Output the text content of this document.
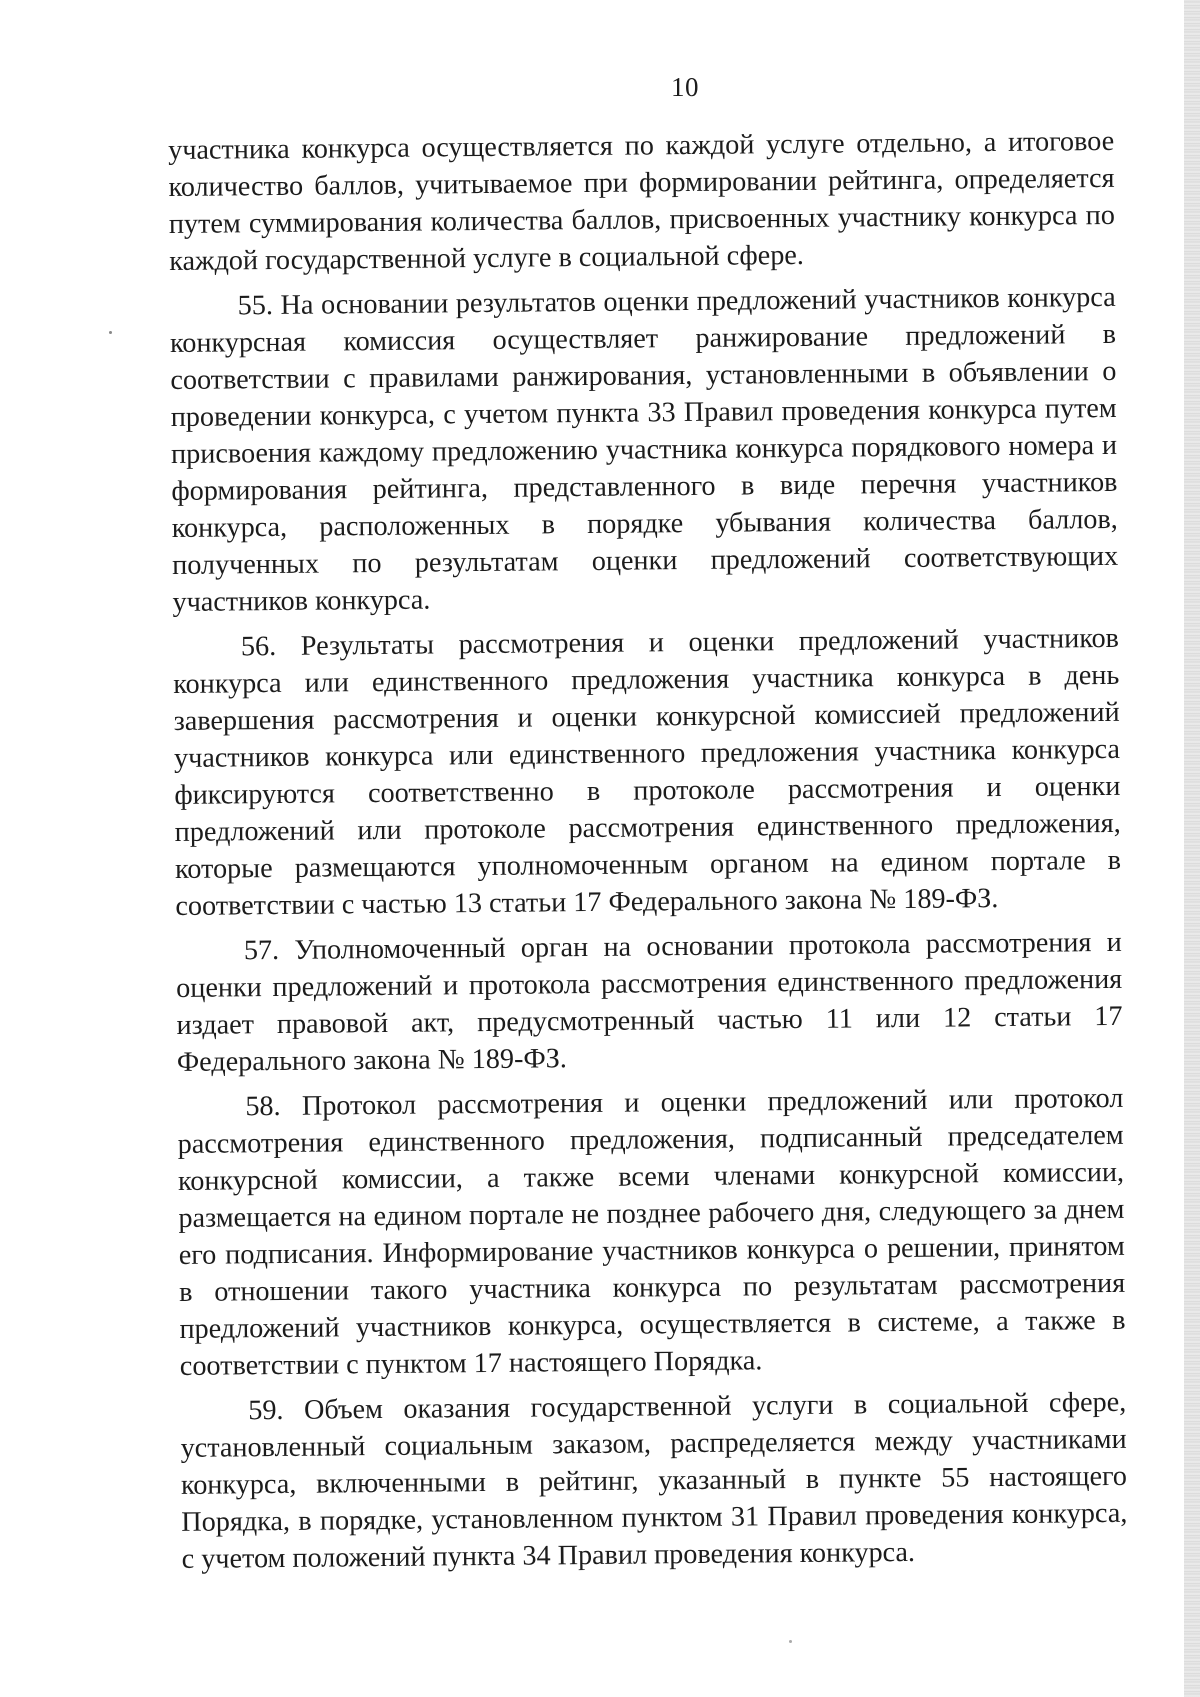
10

участника конкурса осуществляется по каждой услуге отдельно, а итоговое количество баллов, учитываемое при формировании рейтинга, определяется путем суммирования количества баллов, присвоенных участнику конкурса по каждой государственной услуге в социальной сфере.

55. На основании результатов оценки предложений участников конкурса конкурсная комиссия осуществляет ранжирование предложений в соответствии с правилами ранжирования, установленными в объявлении о проведении конкурса, с учетом пункта 33 Правил проведения конкурса путем присвоения каждому предложению участника конкурса порядкового номера и формирования рейтинга, представленного в виде перечня участников конкурса, расположенных в порядке убывания количества баллов, полученных по результатам оценки предложений соответствующих участников конкурса.

56. Результаты рассмотрения и оценки предложений участников конкурса или единственного предложения участника конкурса в день завершения рассмотрения и оценки конкурсной комиссией предложений участников конкурса или единственного предложения участника конкурса фиксируются соответственно в протоколе рассмотрения и оценки предложений или протоколе рассмотрения единственного предложения, которые размещаются уполномоченным органом на едином портале в соответствии с частью 13 статьи 17 Федерального закона № 189-ФЗ.

57. Уполномоченный орган на основании протокола рассмотрения и оценки предложений и протокола рассмотрения единственного предложения издает правовой акт, предусмотренный частью 11 или 12 статьи 17 Федерального закона № 189-ФЗ.

58. Протокол рассмотрения и оценки предложений или протокол рассмотрения единственного предложения, подписанный председателем конкурсной комиссии, а также всеми членами конкурсной комиссии, размещается на едином портале не позднее рабочего дня, следующего за днем его подписания. Информирование участников конкурса о решении, принятом в отношении такого участника конкурса по результатам рассмотрения предложений участников конкурса, осуществляется в системе, а также в соответствии с пунктом 17 настоящего Порядка.

59. Объем оказания государственной услуги в социальной сфере, установленный социальным заказом, распределяется между участниками конкурса, включенными в рейтинг, указанный в пункте 55 настоящего Порядка, в порядке, установленном пунктом 31 Правил проведения конкурса, с учетом положений пункта 34 Правил проведения конкурса.
